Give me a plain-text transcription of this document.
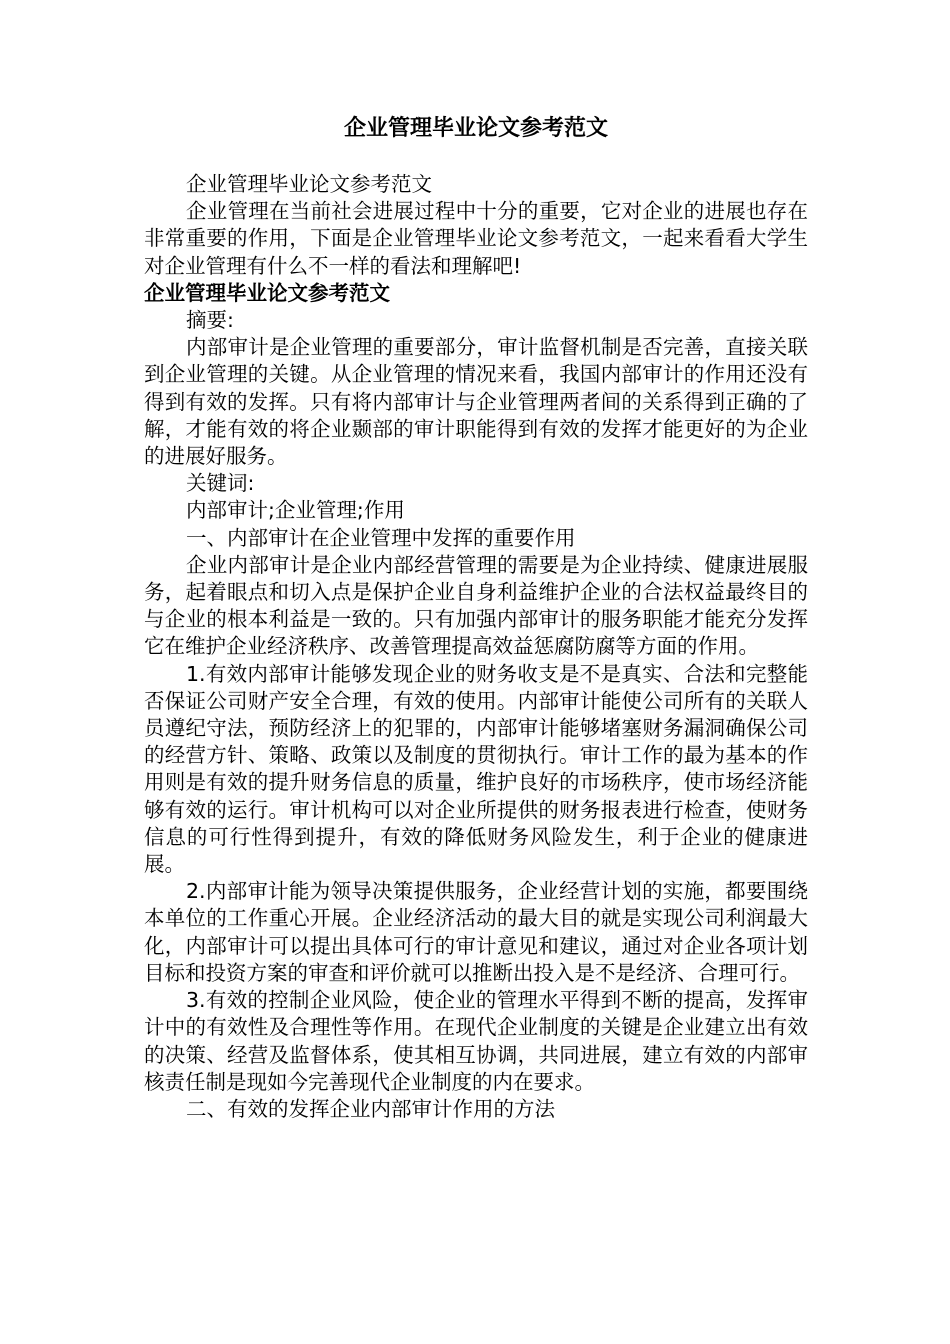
企业管理毕业论文参考范文

企业管理毕业论文参考范文

企业管理在当前社会进展过程中十分的重要，它对企业的进展也存在非常重要的作用，下面是企业管理毕业论文参考范文，一起来看看大学生对企业管理有什么不一样的看法和理解吧!

企业管理毕业论文参考范文

摘要:

内部审计是企业管理的重要部分，审计监督机制是否完善，直接关联到企业管理的关键。从企业管理的情况来看，我国内部审计的作用还没有得到有效的发挥。只有将内部审计与企业管理两者间的关系得到正确的了解，才能有效的将企业颞部的审计职能得到有效的发挥才能更好的为企业的进展好服务。

关键词:

内部审计;企业管理;作用

一、内部审计在企业管理中发挥的重要作用

企业内部审计是企业内部经营管理的需要是为企业持续、健康进展服务，起着眼点和切入点是保护企业自身利益维护企业的合法权益最终目的与企业的根本利益是一致的。只有加强内部审计的服务职能才能充分发挥它在维护企业经济秩序、改善管理提高效益惩腐防腐等方面的作用。

1.有效内部审计能够发现企业的财务收支是不是真实、合法和完整能否保证公司财产安全合理，有效的使用。内部审计能使公司所有的关联人员遵纪守法，预防经济上的犯罪的，内部审计能够堵塞财务漏洞确保公司的经营方针、策略、政策以及制度的贯彻执行。审计工作的最为基本的作用则是有效的提升财务信息的质量，维护良好的市场秩序，使市场经济能够有效的运行。审计机构可以对企业所提供的财务报表进行检查，使财务信息的可行性得到提升，有效的降低财务风险发生，利于企业的健康进展。

2.内部审计能为领导决策提供服务，企业经营计划的实施，都要围绕本单位的工作重心开展。企业经济活动的最大目的就是实现公司利润最大化，内部审计可以提出具体可行的审计意见和建议，通过对企业各项计划目标和投资方案的审查和评价就可以推断出投入是不是经济、合理可行。

3.有效的控制企业风险，使企业的管理水平得到不断的提高，发挥审计中的有效性及合理性等作用。在现代企业制度的关键是企业建立出有效的决策、经营及监督体系，使其相互协调，共同进展，建立有效的内部审核责任制是现如今完善现代企业制度的内在要求。

二、有效的发挥企业内部审计作用的方法
